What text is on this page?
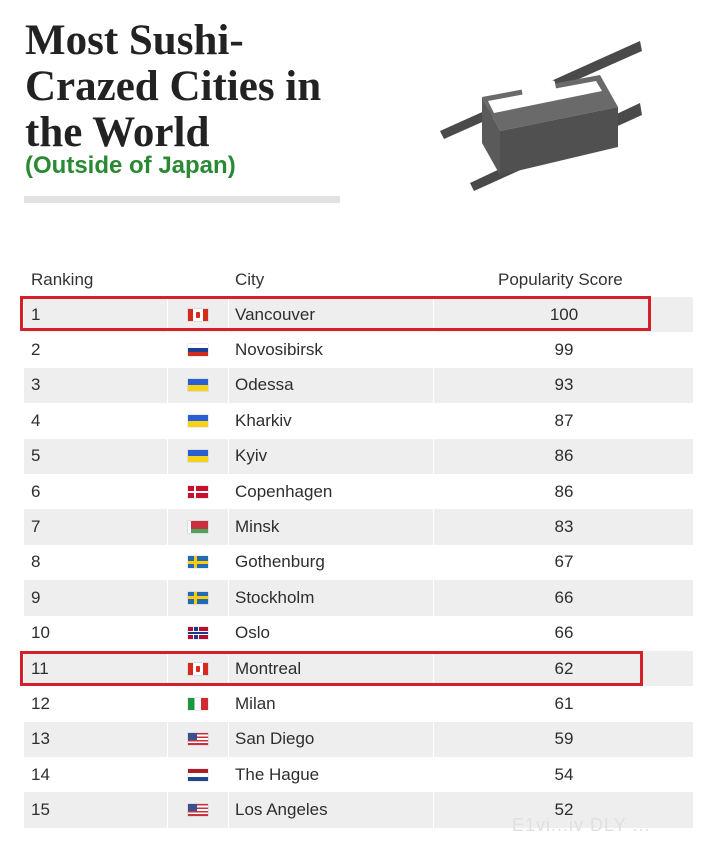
Most Sushi-
Crazed Cities in
the World
(Outside of Japan)
Ranking	City	Popularity Score
1	Vancouver	100
2	Novosibirsk	99
3	Odessa	93
4	Kharkiv	87
5	Kyiv	86
6	Copenhagen	86
7	Minsk	83
8	Gothenburg	67
9	Stockholm	66
10	Oslo	66
11	Montreal	62
12	Milan	61
13	San Diego	59
14	The Hague	54
15	Los Angeles	52
E1vi...iv DLY ...
